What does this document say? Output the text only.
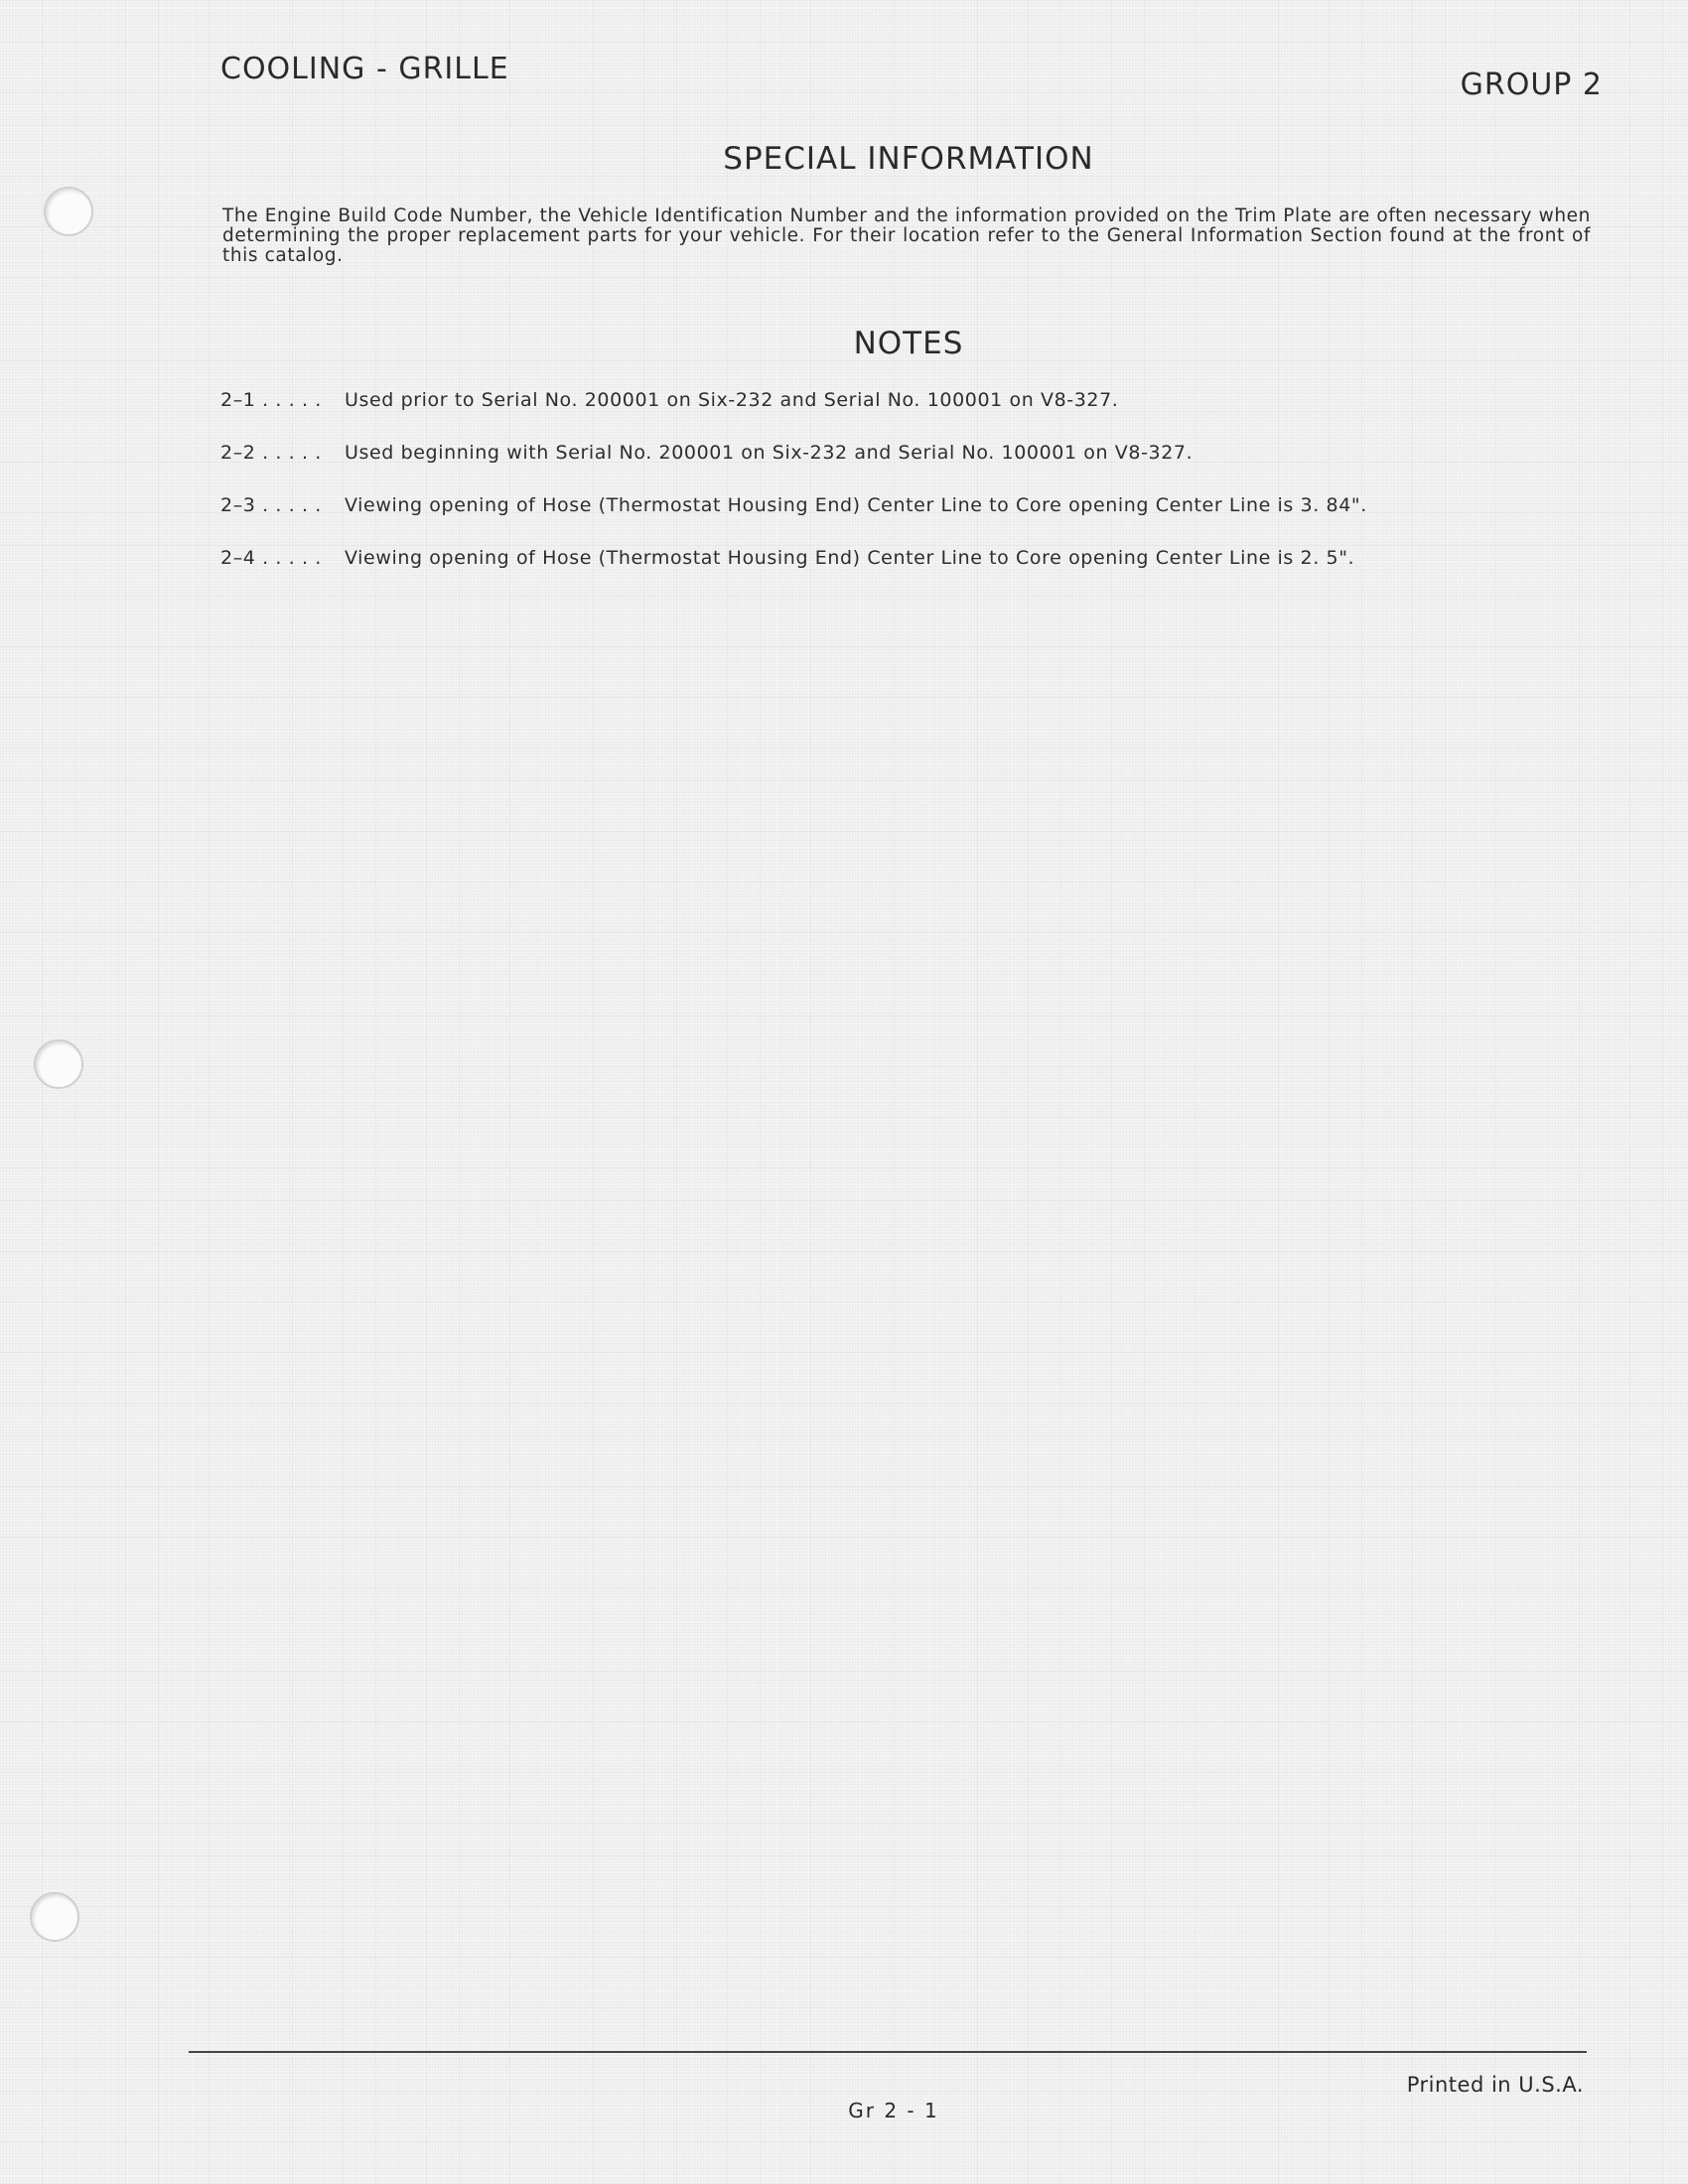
COOLING - GRILLE	GROUP 2
SPECIAL INFORMATION
The Engine Build Code Number, the Vehicle Identification Number and the information provided on the Trim Plate are often necessary when determining the proper replacement parts for your vehicle. For their location refer to the General Information Section found at the front of this catalog.
NOTES
2–1 . . . . .	Used prior to Serial No. 200001 on Six-232 and Serial No. 100001 on V8-327.
2–2 . . . . .	Used beginning with Serial No. 200001 on Six-232 and Serial No. 100001 on V8-327.
2–3 . . . . .	Viewing opening of Hose (Thermostat Housing End) Center Line to Core opening Center Line is 3. 84".
2–4 . . . . .	Viewing opening of Hose (Thermostat Housing End) Center Line to Core opening Center Line is 2. 5".
Printed in U.S.A.
Gr 2 - 1
